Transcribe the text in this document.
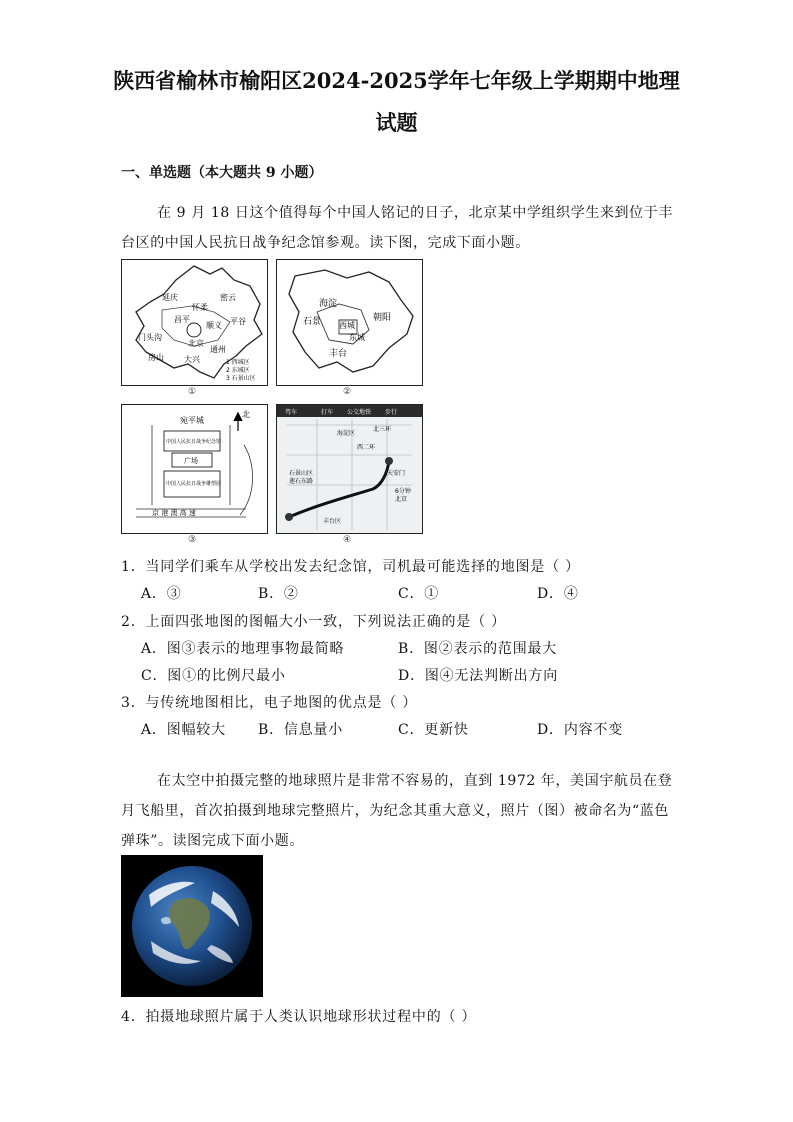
陕西省榆林市榆阳区2024-2025学年七年级上学期期中地理
试题
一、单选题（本大题共 9 小题）
在 9 月 18 日这个值得每个中国人铭记的日子，北京某中学组织学生来到位于丰台区的中国人民抗日战争纪念馆参观。读下图，完成下面小题。
延庆
怀柔
密云
昌平
顺义 平谷
门头沟
北京
通州
房山	大兴	1 西城区
2 东城区
3 石景山区
①
海淀
朝阳
石景 西城
东城
丰台
②
北
宛平城
中国人民抗日战争纪念馆
广场
中国人民抗日战争雕塑园
京 港 澳 高 速
③
驾车	打车 公交地铁 步行
海淀区
北三环
西二环
石景山区
莲石东路
丰台区
天安门
北京
6分钟
④
1．当同学们乘车从学校出发去纪念馆，司机最可能选择的地图是（ ）
A．③	B．②	C．①	D．④
2．上面四张地图的图幅大小一致，下列说法正确的是（ ）
A．图③表示的地理事物最简略	B．图②表示的范围最大
C．图①的比例尺最小	D．图④无法判断出方向
3．与传统地图相比，电子地图的优点是（ ）
A．图幅较大 B．信息量小	C．更新快	D．内容不变
在太空中拍摄完整的地球照片是非常不容易的，直到 1972 年，美国宇航员在登月飞船里，首次拍摄到地球完整照片，为纪念其重大意义，照片（图）被命名为“蓝色弹珠”。读图完成下面小题。
4．拍摄地球照片属于人类认识地球形状过程中的（ ）
